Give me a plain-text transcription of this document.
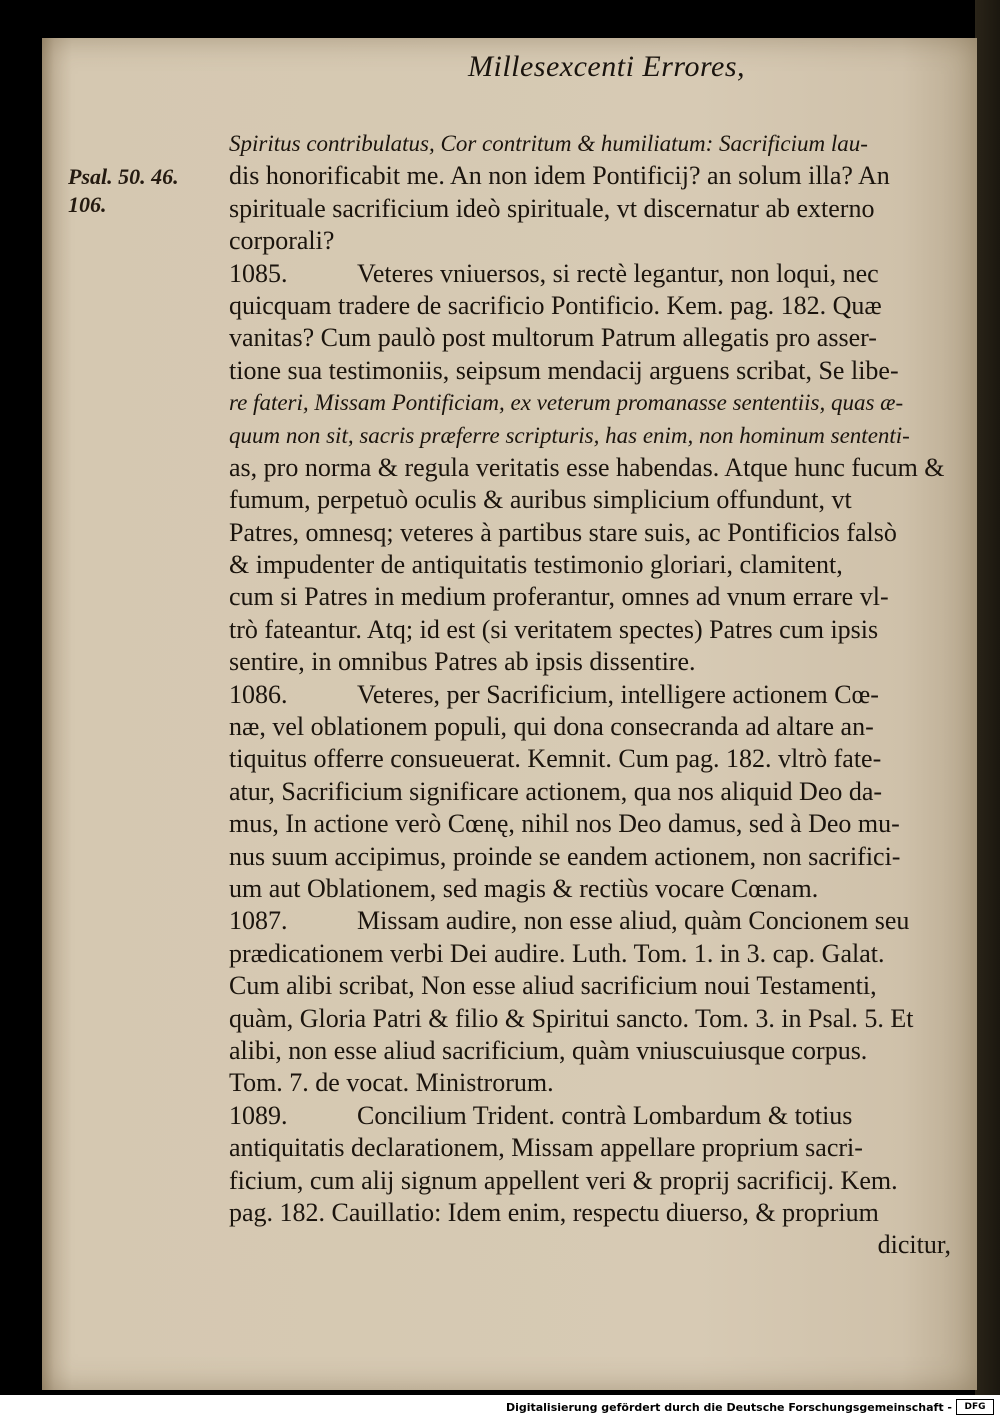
Millesexcenti Errores,
Psal. 50. 46.
106.
Spiritus contribulatus, Cor contritum & humiliatum: Sacrificium lau-
dis honorificabit me. An non idem Pontificij? an solum illa? An
spirituale sacrificium ideò spirituale, vt discernatur ab externo
corporali?
1085.	Veteres vniuersos, si rectè legantur, non loqui, nec
quicquam tradere de sacrificio Pontificio. Kem. pag. 182. Quæ
vanitas? Cum paulò post multorum Patrum allegatis pro asser-
tione sua testimoniis, seipsum mendacij arguens scribat, Se libe-
re fateri, Missam Pontificiam, ex veterum promanasse sententiis, quas æ-
quum non sit, sacris præferre scripturis, has enim, non hominum sententi-
as, pro norma & regula veritatis esse habendas. Atque hunc fucum &
fumum, perpetuò oculis & auribus simplicium offundunt, vt
Patres, omnesq; veteres à partibus stare suis, ac Pontificios falsò
& impudenter de antiquitatis testimonio gloriari, clamitent,
cum si Patres in medium proferantur, omnes ad vnum errare vl-
trò fateantur. Atq; id est (si veritatem spectes) Patres cum ipsis
sentire, in omnibus Patres ab ipsis dissentire.
1086.	Veteres, per Sacrificium, intelligere actionem Cœ-
næ, vel oblationem populi, qui dona consecranda ad altare an-
tiquitus offerre consueuerat. Kemnit. Cum pag. 182. vltrò fate-
atur, Sacrificium significare actionem, qua nos aliquid Deo da-
mus, In actione verò Cœnę, nihil nos Deo damus, sed à Deo mu-
nus suum accipimus, proinde se eandem actionem, non sacrifici-
um aut Oblationem, sed magis & rectiùs vocare Cœnam.
1087.	Missam audire, non esse aliud, quàm Concionem seu
prædicationem verbi Dei audire. Luth. Tom. 1. in 3. cap. Galat.
Cum alibi scribat, Non esse aliud sacrificium noui Testamenti,
quàm, Gloria Patri & filio & Spiritui sancto. Tom. 3. in Psal. 5. Et
alibi, non esse aliud sacrificium, quàm vniuscuiusque corpus.
Tom. 7. de vocat. Ministrorum.
1089.	Concilium Trident. contrà Lombardum & totius
antiquitatis declarationem, Missam appellare proprium sacri-
ficium, cum alij signum appellent veri & proprij sacrificij. Kem.
pag. 182. Cauillatio: Idem enim, respectu diuerso, & proprium
dicitur,
Digitalisierung gefördert durch die Deutsche Forschungsgemeinschaft -	DFG
